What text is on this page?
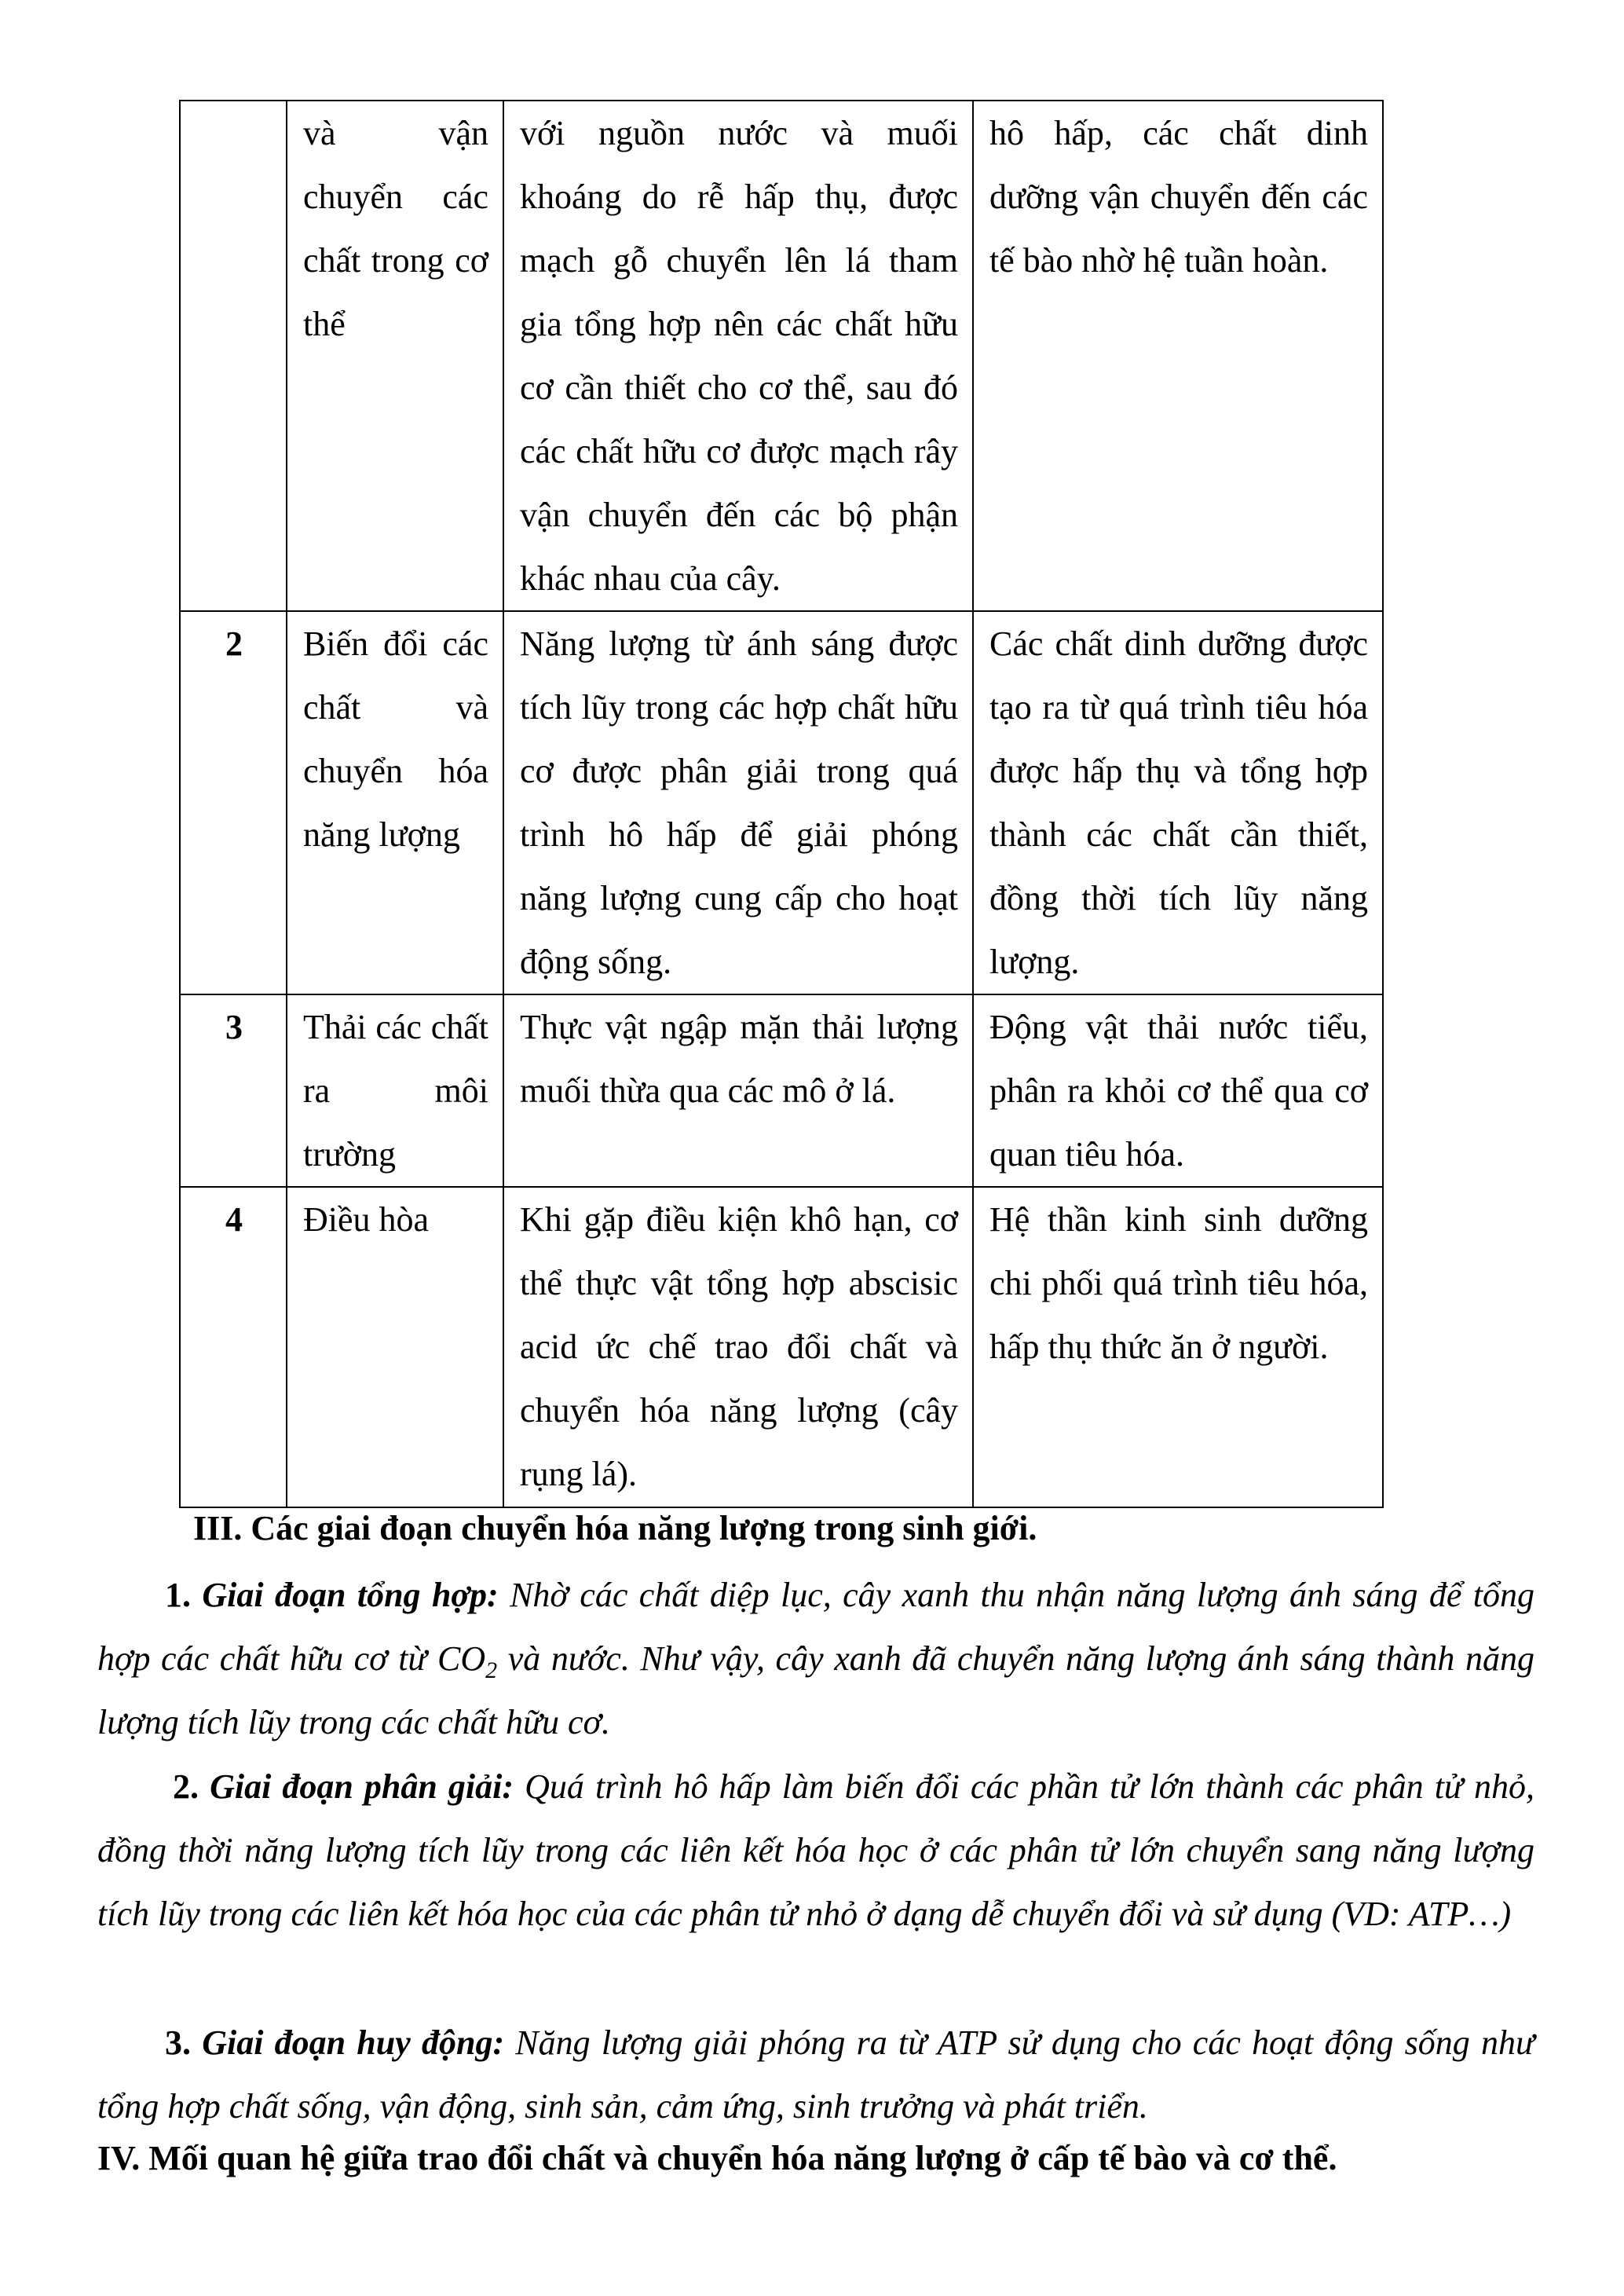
	và vận chuyển các chất trong cơ thể	với nguồn nước và muối khoáng do rễ hấp thụ, được mạch gỗ chuyển lên lá tham gia tổng hợp nên các chất hữu cơ cần thiết cho cơ thể, sau đó các chất hữu cơ được mạch rây vận chuyển đến các bộ phận khác nhau của cây.	hô hấp, các chất dinh dưỡng vận chuyển đến các tế bào nhờ hệ tuần hoàn.
2	Biến đổi các chất và chuyển hóa năng lượng	Năng lượng từ ánh sáng được tích lũy trong các hợp chất hữu cơ được phân giải trong quá trình hô hấp để giải phóng năng lượng cung cấp cho hoạt động sống.	Các chất dinh dưỡng được tạo ra từ quá trình tiêu hóa được hấp thụ và tổng hợp thành các chất cần thiết, đồng thời tích lũy năng lượng.
3	Thải các chất ra môi trường	Thực vật ngập mặn thải lượng muối thừa qua các mô ở lá.	Động vật thải nước tiểu, phân ra khỏi cơ thể qua cơ quan tiêu hóa.
4	Điều hòa	Khi gặp điều kiện khô hạn, cơ thể thực vật tổng hợp abscisic acid ức chế trao đổi chất và chuyển hóa năng lượng (cây rụng lá).	Hệ thần kinh sinh dưỡng chi phối quá trình tiêu hóa, hấp thụ thức ăn ở người.
III. Các giai đoạn chuyển hóa năng lượng trong sinh giới.
1. Giai đoạn tổng hợp: Nhờ các chất diệp lục, cây xanh thu nhận năng lượng ánh sáng để tổng hợp các chất hữu cơ từ $CO_2$ và nước. Như vậy, cây xanh đã chuyển năng lượng ánh sáng thành năng lượng tích lũy trong các chất hữu cơ.
2. Giai đoạn phân giải: Quá trình hô hấp làm biến đổi các phần tử lớn thành các phân tử nhỏ, đồng thời năng lượng tích lũy trong các liên kết hóa học ở các phân tử lớn chuyển sang năng lượng tích lũy trong các liên kết hóa học của các phân tử nhỏ ở dạng dễ chuyển đổi và sử dụng (VD: ATP…)
3. Giai đoạn huy động: Năng lượng giải phóng ra từ ATP sử dụng cho các hoạt động sống như tổng hợp chất sống, vận động, sinh sản, cảm ứng, sinh trưởng và phát triển.
IV. Mối quan hệ giữa trao đổi chất và chuyển hóa năng lượng ở cấp tế bào và cơ thể.
